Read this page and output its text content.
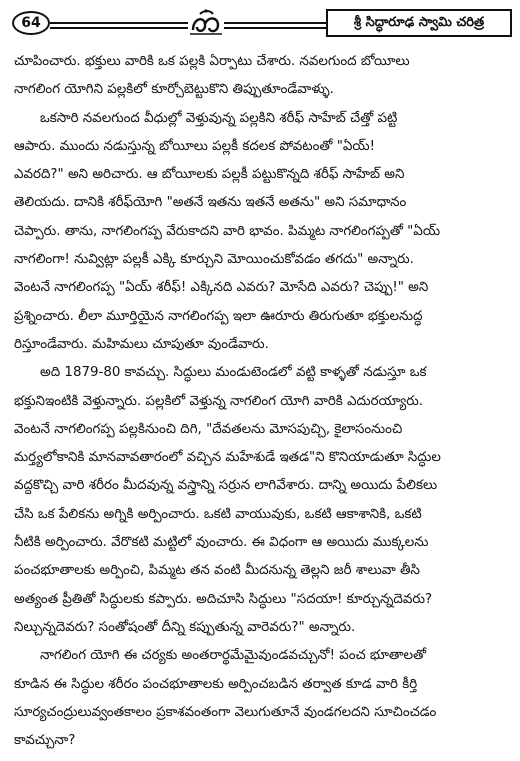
64	శ్రీ సిద్ధారూఢ స్వామి చరిత్ర
చూపించారు. భక్తులు వారికి ఒక పల్లకి ఏర్పాటు చేశారు. నవలగుంద బోయీలు
నాగలింగ యోగిని పల్లకిలో కూర్చోబెట్టుకొని తిప్పుతూండేవాళ్ళు.
ఒకసారి నవలగుంద వీధుల్లో వెళ్తువున్న పల్లకిని శరీఫ్ సాహేబ్ చేత్తో పట్టి
ఆపారు. ముందు నడుస్తున్న బోయీలు పల్లకీ కదలక పోవటంతో "ఏయ్!
ఎవరది?" అని అరిచారు. ఆ బోయీలకు పల్లకీ పట్టుకొన్నది శరీఫ్ సాహేబ్ అని
తెలియదు. దానికి శరీఫ్‌యోగి "అతనే ఇతను ఇతనే అతను" అని సమాధానం
చెప్పారు. తాను, నాగలింగప్ప వేరుకాదని వారి భావం. పిమ్మట నాగలింగప్పతో "ఏయ్
నాగలింగా! నువ్విట్లా పల్లకీ ఎక్కి కూర్చుని మోయించుకోవడం తగదు" అన్నారు.
వెంటనే నాగలింగప్ప "ఏయ్ శరీఫ్! ఎక్కినది ఎవరు? మోసేది ఎవరు? చెప్పు!" అని
ప్రశ్నించారు. లీలా మూర్తియైన నాగలింగప్ప ఇలా ఊరూరు తిరుగుతూ భక్తులనుద్ధ
రిస్తూండేవారు. మహిమలు చూపుతూ వుండేవారు.
అది 1879-80 కావచ్చు. సిద్ధులు మండుటెండలో వట్టి కాళ్ళతో నడుస్తూ ఒక
భక్తునిఇంటికి వెళ్తున్నారు. పల్లకిలో వెళ్తున్న నాగలింగ యోగి వారికి ఎదురయ్యారు.
వెంటనే నాగలింగప్ప పల్లకినుంచి దిగి, "దేవతలను మోసపుచ్చి, కైలాసంనుంచి
మర్త్యలోకానికి మానవావతారంలో వచ్చిన మహేశుడే ఇతడ"ని కొనియాడుతూ సిద్ధుల
వద్దకొచ్చి వారి శరీరం మీదవున్న వస్త్రాన్ని సర్రున లాగివేశారు. దాన్ని అయిదు పేలికలు
చేసి ఒక పేలికను అగ్నికి అర్పించారు. ఒకటి వాయువుకు, ఒకటి ఆకాశానికి, ఒకటి
నీటికి అర్పించారు. వేరొకటి మట్టిలో వుంచారు. ఈ విధంగా ఆ అయిదు ముక్కలను
పంచభూతాలకు అర్పించి, పిమ్మట తన వంటి మీదనున్న తెల్లని జరీ శాలువా తీసి
అత్యంత ప్రీతితో సిద్ధులకు కప్పారు. అదిచూసి సిద్ధులు "సదయా! కూర్చున్నదెవరు?
నిల్చున్నదెవరు? సంతోషంతో దీన్ని కప్పుతున్న వారెవరు?" అన్నారు.
నాగలింగ యోగి ఈ చర్యకు అంతరార్థమేమైవుండవచ్చునో! పంచ భూతాలతో
కూడిన ఈ సిద్ధుల శరీరం పంచభూతాలకు అర్పించబడిన తర్వాత కూడ వారి కీర్తి
సూర్యచంద్రులువ్వంతకాలం ప్రకాశవంతంగా వెలుగుతూనే వుండగలదని సూచించడం
కావచ్చునా?
